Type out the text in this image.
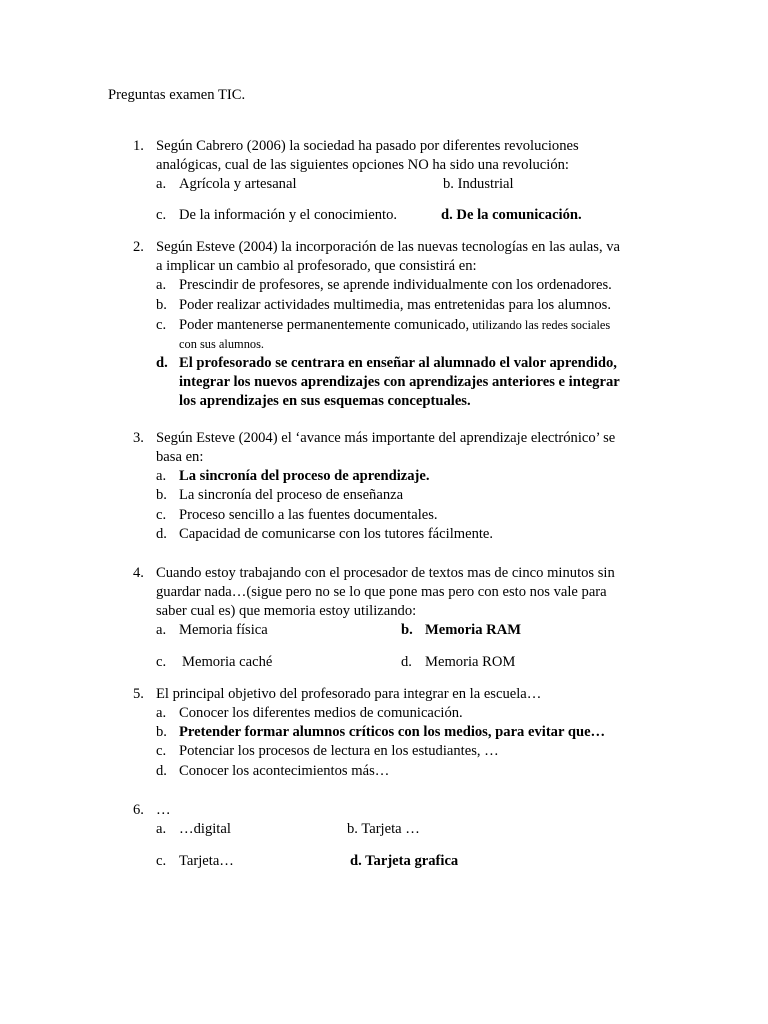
Preguntas examen TIC.
1. Según Cabrero (2006) la sociedad ha pasado por diferentes revoluciones
analógicas, cual de las siguientes opciones NO ha sido una revolución:
a. Agrícola y artesanal	b. Industrial
c. De la información y el conocimiento.	d. De la comunicación.
2. Según Esteve (2004) la incorporación de las nuevas tecnologías en las aulas, va
a implicar un cambio al profesorado, que consistirá en:
a. Prescindir de profesores, se aprende individualmente con los ordenadores.
b. Poder realizar actividades multimedia, mas entretenidas para los alumnos.
c. Poder mantenerse permanentemente comunicado, utilizando las redes sociales
con sus alumnos.
d. El profesorado se centrara en enseñar al alumnado el valor aprendido,
integrar los nuevos aprendizajes con aprendizajes anteriores e integrar
los aprendizajes en sus esquemas conceptuales.
3. Según Esteve (2004) el ‘avance más importante del aprendizaje electrónico’ se
basa en:
a. La sincronía del proceso de aprendizaje.
b. La sincronía del proceso de enseñanza
c. Proceso sencillo a las fuentes documentales.
d. Capacidad de comunicarse con los tutores fácilmente.
4. Cuando estoy trabajando con el procesador de textos mas de cinco minutos sin
guardar nada…(sigue pero no se lo que pone mas pero con esto nos vale para
saber cual es) que memoria estoy utilizando:
a. Memoria física	b. Memoria RAM
c. Memoria caché	d. Memoria ROM
5. El principal objetivo del profesorado para integrar en la escuela…
a. Conocer los diferentes medios de comunicación.
b. Pretender formar alumnos críticos con los medios, para evitar que…
c. Potenciar los procesos de lectura en los estudiantes, …
d. Conocer los acontecimientos más…
6. …
a. …digital	b. Tarjeta …
c. Tarjeta…	d. Tarjeta grafica
